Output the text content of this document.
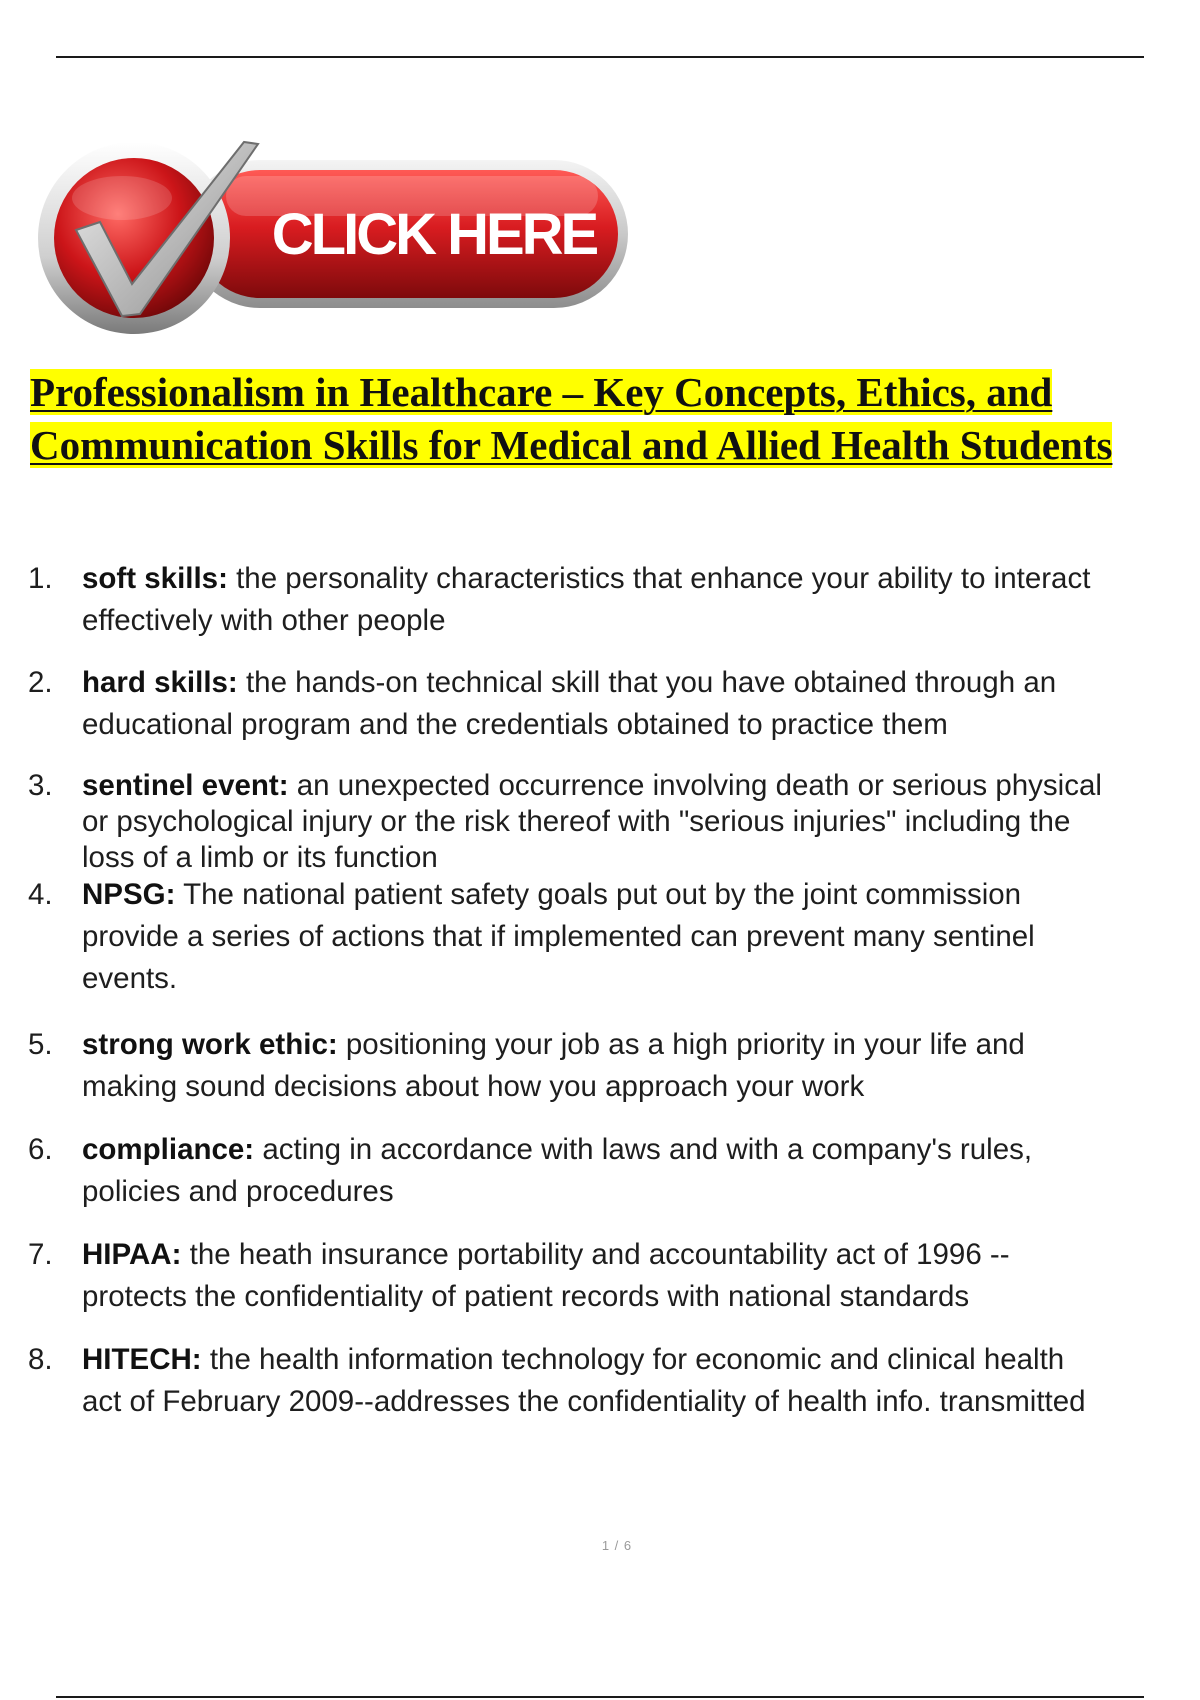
CLICK HERE
Professionalism in Healthcare – Key Concepts, Ethics, and
Communication Skills for Medical and Allied Health Students
1. soft skills: the personality characteristics that enhance your ability to interact
effectively with other people
2. hard skills: the hands-on technical skill that you have obtained through an
educational program and the credentials obtained to practice them
3. sentinel event: an unexpected occurrence involving death or serious physical
or psychological injury or the risk thereof with "serious injuries" including the
loss of a limb or its function
4. NPSG: The national patient safety goals put out by the joint commission
provide a series of actions that if implemented can prevent many sentinel
events.
5. strong work ethic: positioning your job as a high priority in your life and
making sound decisions about how you approach your work
6. compliance: acting in accordance with laws and with a company's rules,
policies and procedures
7. HIPAA: the heath insurance portability and accountability act of 1996 --
protects the confidentiality of patient records with national standards
8. HITECH: the health information technology for economic and clinical health
act of February 2009--addresses the confidentiality of health info. transmitted
1 / 6
